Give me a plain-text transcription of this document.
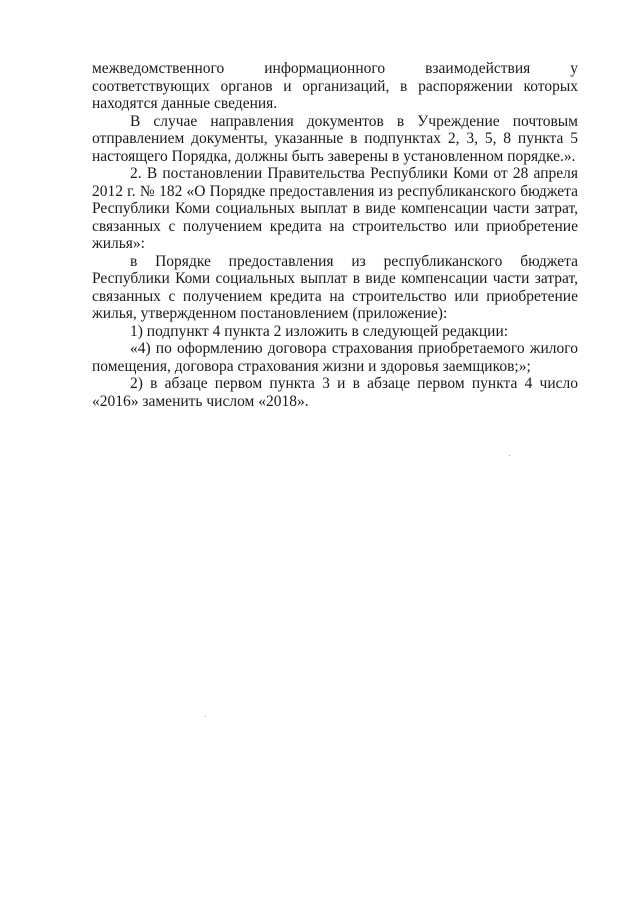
межведомственного информационного взаимодействия у соответствующих органов и организаций, в распоряжении которых находятся данные сведения.

В случае направления документов в Учреждение почтовым отправлением документы, указанные в подпунктах 2, 3, 5, 8 пункта 5 настоящего Порядка, должны быть заверены в установленном порядке.».

2. В постановлении Правительства Республики Коми от 28 апреля 2012 г. № 182 «О Порядке предоставления из республиканского бюджета Республики Коми социальных выплат в виде компенсации части затрат, связанных с получением кредита на строительство или приобретение жилья»:

в Порядке предоставления из республиканского бюджета Республики Коми социальных выплат в виде компенсации части затрат, связанных с получением кредита на строительство или приобретение жилья, утвержденном постановлением (приложение):

1) подпункт 4 пункта 2 изложить в следующей редакции:

«4) по оформлению договора страхования приобретаемого жилого помещения, договора страхования жизни и здоровья заемщиков;»;

2) в абзаце первом пункта 3 и в абзаце первом пункта 4 число «2016» заменить числом «2018».
